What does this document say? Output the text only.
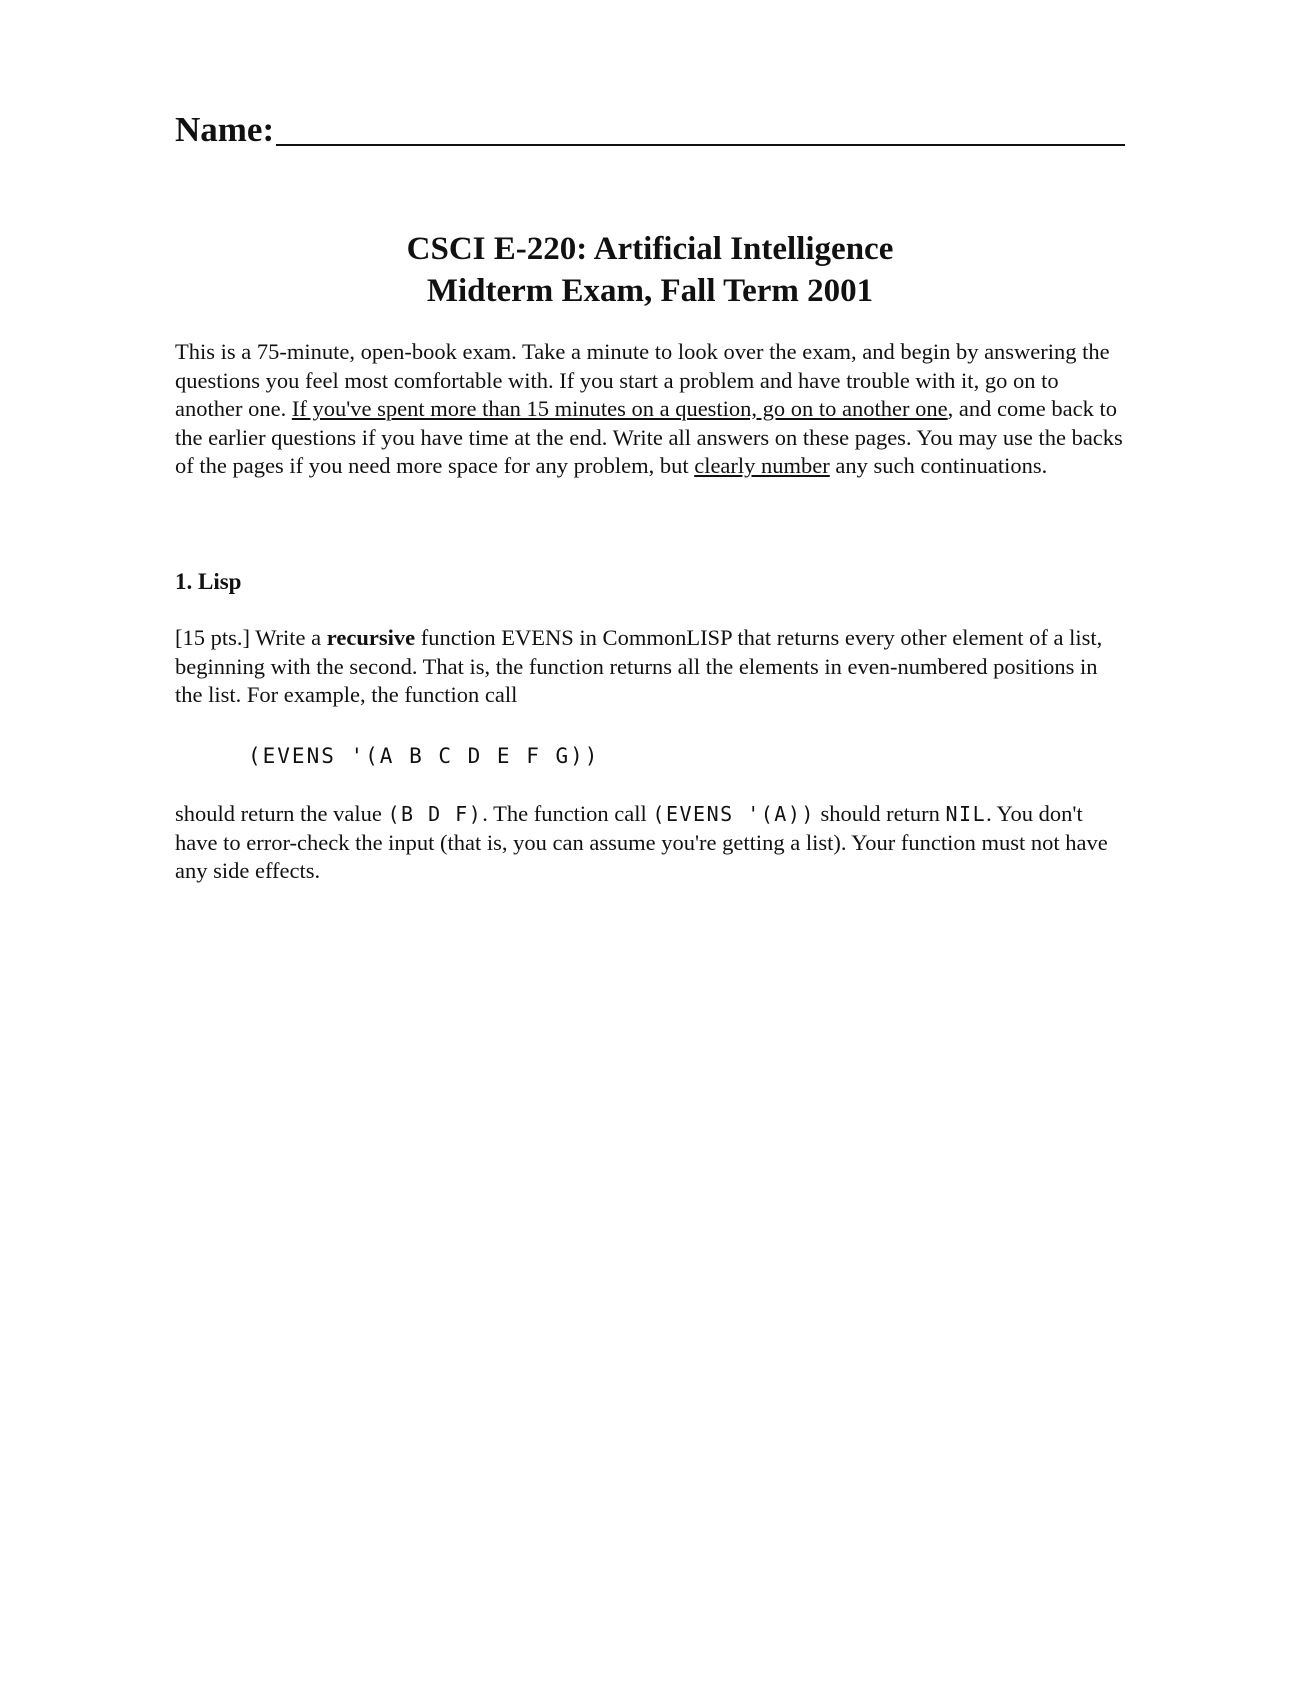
Name:
CSCI E-220: Artificial Intelligence
Midterm Exam, Fall Term 2001
This is a 75-minute, open-book exam. Take a minute to look over the exam, and begin by answering the questions you feel most comfortable with. If you start a problem and have trouble with it, go on to another one. If you've spent more than 15 minutes on a question, go on to another one, and come back to the earlier questions if you have time at the end. Write all answers on these pages. You may use the backs of the pages if you need more space for any problem, but clearly number any such continuations.
1. Lisp
[15 pts.] Write a recursive function EVENS in CommonLISP that returns every other element of a list, beginning with the second. That is, the function returns all the elements in even-numbered positions in the list. For example, the function call
(EVENS '(A B C D E F G))
should return the value (B D F). The function call (EVENS '(A)) should return NIL. You don't have to error-check the input (that is, you can assume you're getting a list). Your function must not have any side effects.
